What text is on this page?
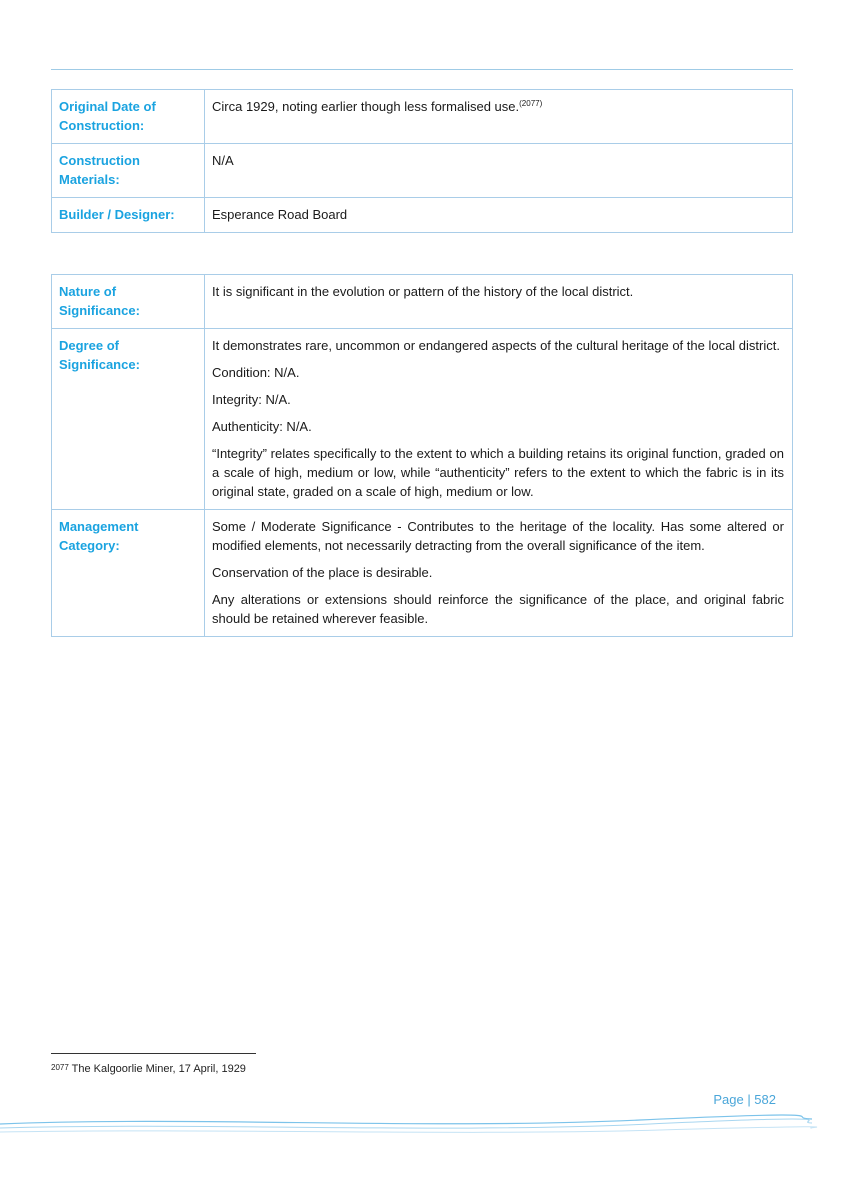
Original Date of Construction:	Circa 1929, noting earlier though less formalised use.$^{(2077)}$
Construction Materials:	N/A
Builder / Designer:	Esperance Road Board
Nature of Significance:	It is significant in the evolution or pattern of the history of the local district.
Degree of Significance:	It demonstrates rare, uncommon or endangered aspects of the cultural heritage of the local district.

Condition: N/A.

Integrity: N/A.

Authenticity: N/A.

“Integrity” relates specifically to the extent to which a building retains its original function, graded on a scale of high, medium or low, while “authenticity” refers to the extent to which the fabric is in its original state, graded on a scale of high, medium or low.

Management Category:	Some / Moderate Significance - Contributes to the heritage of the locality. Has some altered or modified elements, not necessarily detracting from the overall significance of the item.

Conservation of the place is desirable.

Any alterations or extensions should reinforce the significance of the place, and original fabric should be retained wherever feasible.

2077 The Kalgoorlie Miner, 17 April, 1929
Page | 582
